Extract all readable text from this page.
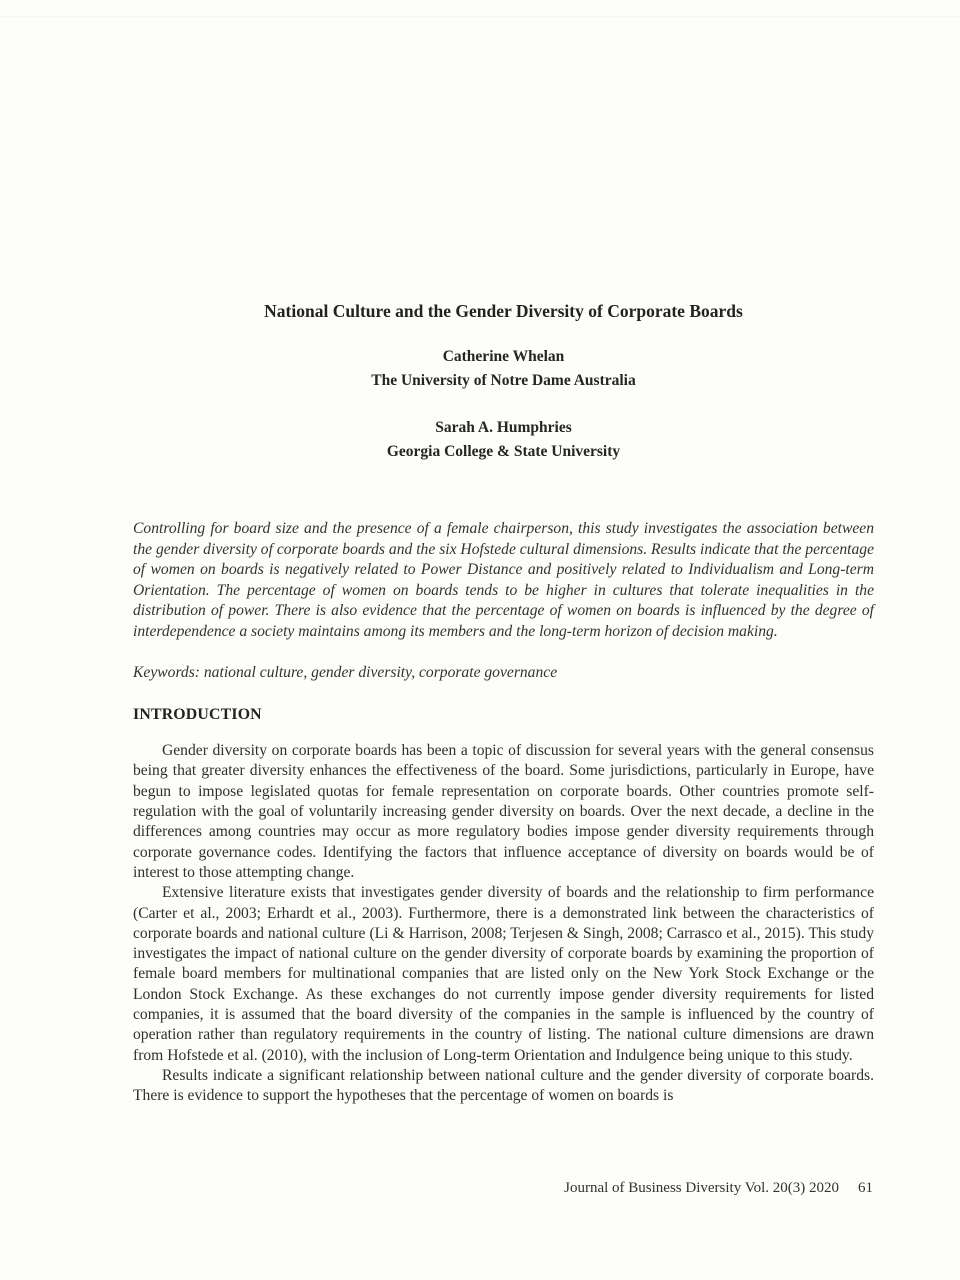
National Culture and the Gender Diversity of Corporate Boards
Catherine Whelan
The University of Notre Dame Australia
Sarah A. Humphries
Georgia College & State University

Controlling for board size and the presence of a female chairperson, this study investigates the association between the gender diversity of corporate boards and the six Hofstede cultural dimensions. Results indicate that the percentage of women on boards is negatively related to Power Distance and positively related to Individualism and Long-term Orientation. The percentage of women on boards tends to be higher in cultures that tolerate inequalities in the distribution of power. There is also evidence that the percentage of women on boards is influenced by the degree of interdependence a society maintains among its members and the long-term horizon of decision making.

Keywords: national culture, gender diversity, corporate governance

INTRODUCTION

Gender diversity on corporate boards has been a topic of discussion for several years with the general consensus being that greater diversity enhances the effectiveness of the board. Some jurisdictions, particularly in Europe, have begun to impose legislated quotas for female representation on corporate boards. Other countries promote self-regulation with the goal of voluntarily increasing gender diversity on boards. Over the next decade, a decline in the differences among countries may occur as more regulatory bodies impose gender diversity requirements through corporate governance codes. Identifying the factors that influence acceptance of diversity on boards would be of interest to those attempting change.

Extensive literature exists that investigates gender diversity of boards and the relationship to firm performance (Carter et al., 2003; Erhardt et al., 2003). Furthermore, there is a demonstrated link between the characteristics of corporate boards and national culture (Li & Harrison, 2008; Terjesen & Singh, 2008; Carrasco et al., 2015). This study investigates the impact of national culture on the gender diversity of corporate boards by examining the proportion of female board members for multinational companies that are listed only on the New York Stock Exchange or the London Stock Exchange. As these exchanges do not currently impose gender diversity requirements for listed companies, it is assumed that the board diversity of the companies in the sample is influenced by the country of operation rather than regulatory requirements in the country of listing. The national culture dimensions are drawn from Hofstede et al. (2010), with the inclusion of Long-term Orientation and Indulgence being unique to this study.

Results indicate a significant relationship between national culture and the gender diversity of corporate boards. There is evidence to support the hypotheses that the percentage of women on boards is

Journal of Business Diversity Vol. 20(3) 2020 61
